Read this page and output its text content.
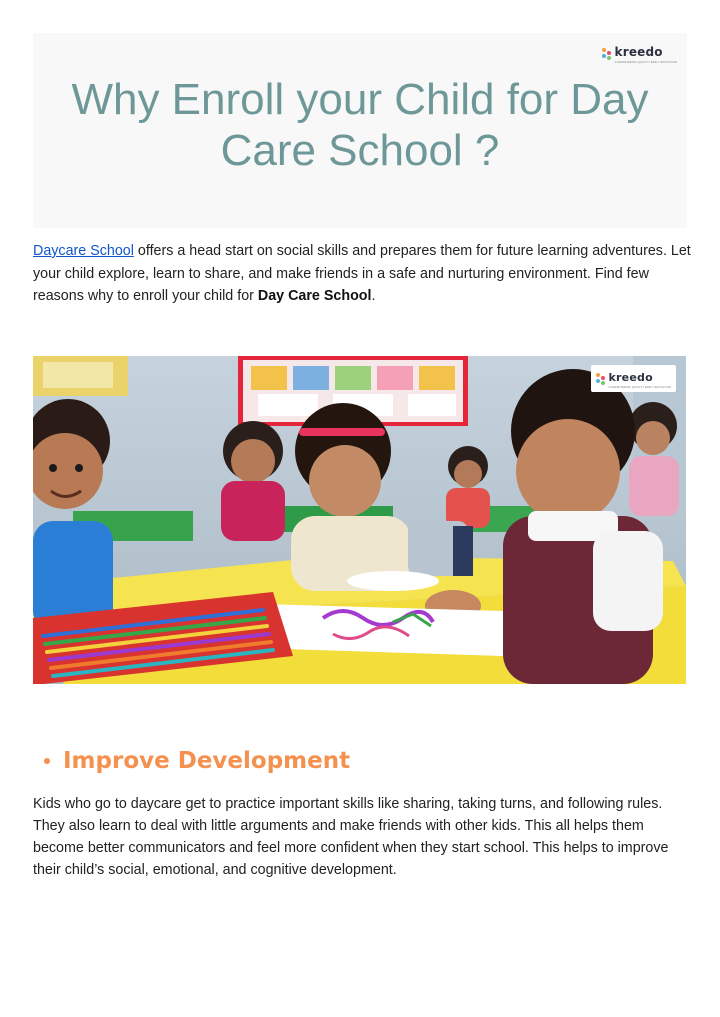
kreedo
GUARANTEEING QUALITY EARLY EDUCATION
Why Enroll your Child for Day Care School ?

Daycare School offers a head start on social skills and prepares them for future learning adventures. Let your child explore, learn to share, and make friends in a safe and nurturing environment. Find few reasons why to enroll your child for Day Care School.

kreedo
GUARANTEEING QUALITY EARLY EDUCATION
Improve Development

Kids who go to daycare get to practice important skills like sharing, taking turns, and following rules. They also learn to deal with little arguments and make friends with other kids. This all helps them become better communicators and feel more confident when they start school. This helps to improve their child’s social, emotional, and cognitive development.
